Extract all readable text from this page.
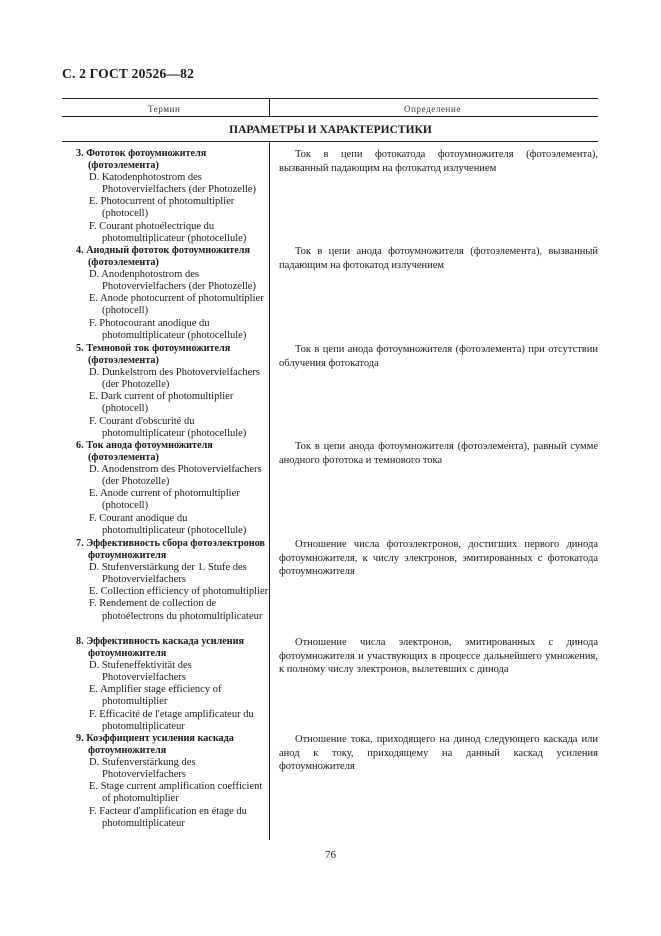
С. 2 ГОСТ 20526—82
Термин	Определение
ПАРАМЕТРЫ И ХАРАКТЕРИСТИКИ
3. Фототок фотоумножителя (фотоэлемента)
D. Katodenphotostrom des Photovervielfachers (der Photozelle)
E. Photocurrent of photomultiplier (photocell)
F. Courant photoélectrique du photomultiplicateur (photocellule)
Ток в цепи фотокатода фотоумножителя (фотоэлемента), вызванный падающим на фотокатод излучением
4. Анодный фототок фотоумножителя (фотоэлемента)
D. Anodenphotostrom des Photovervielfachers (der Photozelle)
E. Anode photocurrent of photomultiplier (photocell)
F. Photocourant anodique du photomultiplicateur (photocellule)
Ток в цепи анода фотоумножителя (фотоэлемента), вызванный падающим на фотокатод излучением
5. Темновой ток фотоумножителя (фотоэлемента)
D. Dunkelstrom des Photovervielfachers (der Photozelle)
E. Dark current of photomultiplier (photocell)
F. Courant d'obscurité du photomultiplicateur (photocellule)
Ток в цепи анода фотоумножителя (фотоэлемента) при отсутствии облучения фотокатода
6. Ток анода фотоумножителя (фотоэлемента)
D. Anodenstrom des Photovervielfachers (der Photozelle)
E. Anode current of photomultiplier (photocell)
F. Courant anodique du photomultiplicateur (photocellule)
Ток в цепи анода фотоумножителя (фотоэлемента), равный сумме анодного фототока и темнового тока
7. Эффективность сбора фотоэлектронов фотоумножителя
D. Stufenverstärkung der 1. Stufe des Photovervielfachers
E. Collection efficiency of photomultiplier
F. Rendement de collection de photoélectrons du photomultiplicateur
Отношение числа фотоэлектронов, достигших первого динода фотоумножителя, к числу электронов, эмитированных с фотокатода фотоумножителя
8. Эффективность каскада усиления фотоумножителя
D. Stufeneffektivität des Photovervielfachers
E. Amplifier stage efficiency of photomultiplier
F. Efficacité de l'etage amplificateur du photomultiplicateur
Отношение числа электронов, эмитированных с динода фотоумножителя и участвующих в процессе дальнейшего умножения, к полному числу электронов, вылетевших с динода
9. Коэффициент усиления каскада фотоумножителя
D. Stufenverstärkung des Photovervielfachers
E. Stage current amplification coefficient of photomultiplier
F. Facteur d'amplification en étage du photomultiplicateur
Отношение тока, приходящего на динод следующего каскада или анод к току, приходящему на данный каскад усиления фотоумножителя
76
